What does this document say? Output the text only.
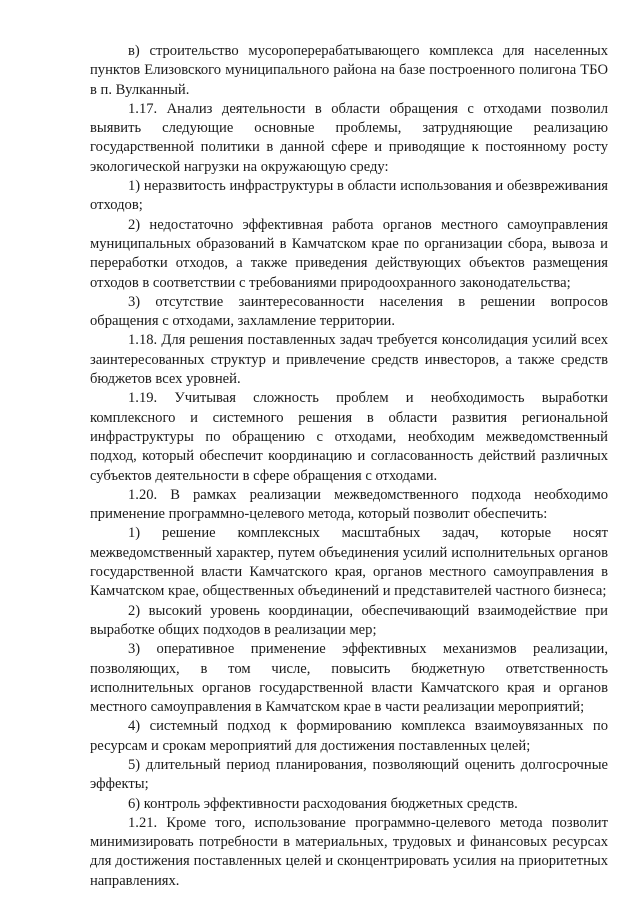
в) строительство мусороперерабатывающего комплекса для населенных пунктов Елизовского муниципального района на базе построенного полигона ТБО в п. Вулканный.

1.17. Анализ деятельности в области обращения с отходами позволил выявить следующие основные проблемы, затрудняющие реализацию государственной политики в данной сфере и приводящие к постоянному росту экологической нагрузки на окружающую среду:

1) неразвитость инфраструктуры в области использования и обезвреживания отходов;

2) недостаточно эффективная работа органов местного самоуправления муниципальных образований в Камчатском крае по организации сбора, вывоза и переработки отходов, а также приведения действующих объектов размещения отходов в соответствии с требованиями природоохранного законодательства;

3) отсутствие заинтересованности населения в решении вопросов обращения с отходами, захламление территории.

1.18. Для решения поставленных задач требуется консолидация усилий всех заинтересованных структур и привлечение средств инвесторов, а также средств бюджетов всех уровней.

1.19. Учитывая сложность проблем и необходимость выработки комплексного и системного решения в области развития региональной инфраструктуры по обращению с отходами, необходим межведомственный подход, который обеспечит координацию и согласованность действий различных субъектов деятельности в сфере обращения с отходами.

1.20. В рамках реализации межведомственного подхода необходимо применение программно-целевого метода, который позволит обеспечить:

1) решение комплексных масштабных задач, которые носят межведомственный характер, путем объединения усилий исполнительных органов государственной власти Камчатского края, органов местного самоуправления в Камчатском крае, общественных объединений и представителей частного бизнеса;

2) высокий уровень координации, обеспечивающий взаимодействие при выработке общих подходов в реализации мер;

3) оперативное применение эффективных механизмов реализации, позволяющих, в том числе, повысить бюджетную ответственность исполнительных органов государственной власти Камчатского края и органов местного самоуправления в Камчатском крае в части реализации мероприятий;

4) системный подход к формированию комплекса взаимоувязанных по ресурсам и срокам мероприятий для достижения поставленных целей;

5) длительный период планирования, позволяющий оценить долгосрочные эффекты;

6) контроль эффективности расходования бюджетных средств.

1.21. Кроме того, использование программно-целевого метода позволит минимизировать потребности в материальных, трудовых и финансовых ресурсах для достижения поставленных целей и сконцентрировать усилия на приоритетных направлениях.
